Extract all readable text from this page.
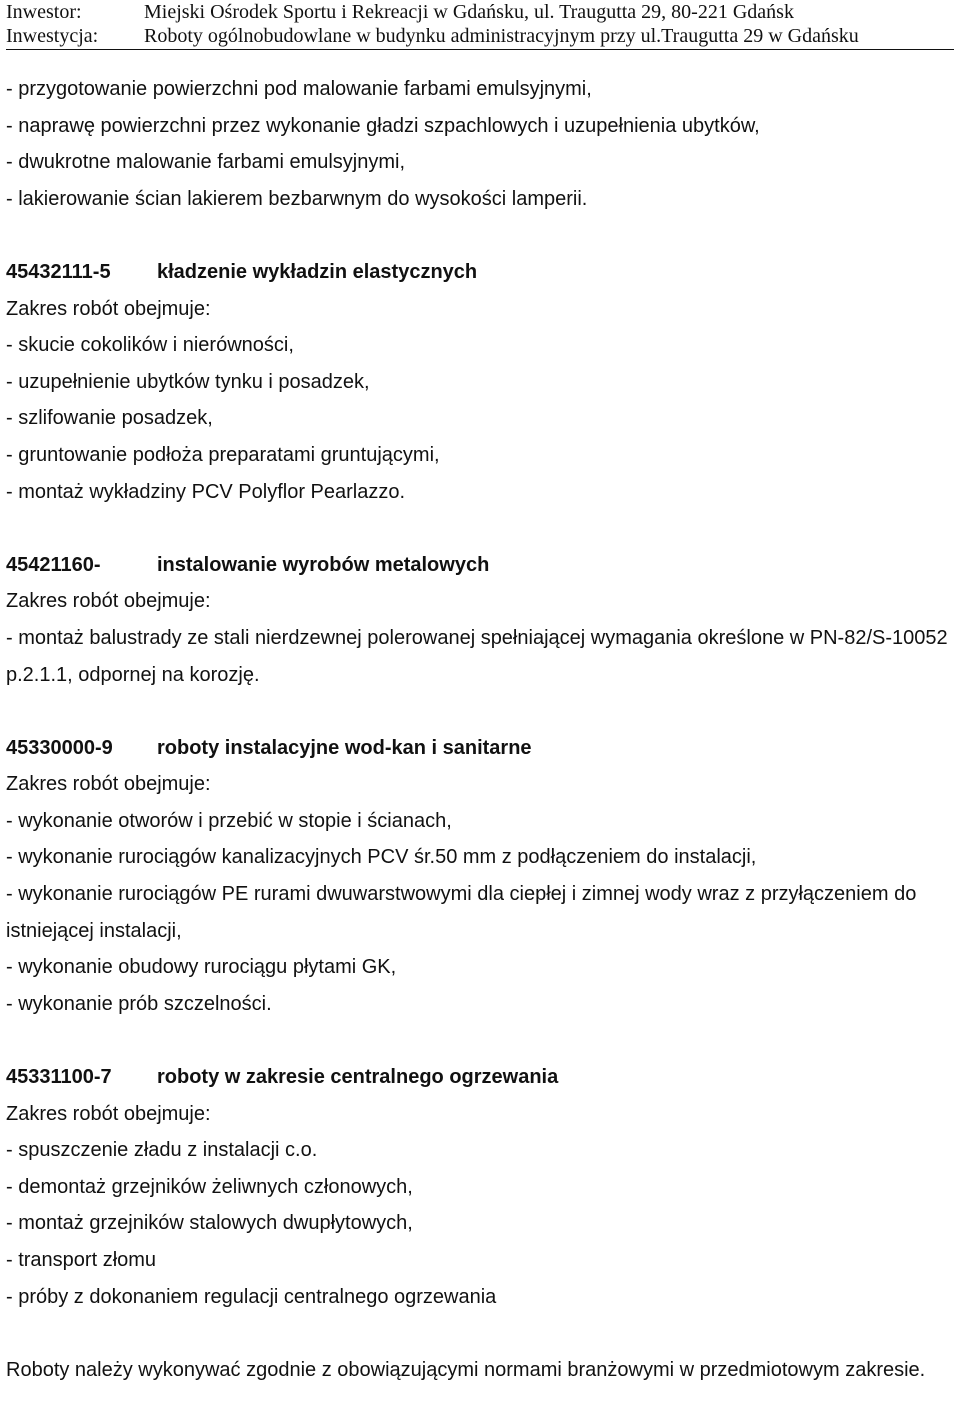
Inwestor:	Miejski Ośrodek Sportu i Rekreacji w Gdańsku, ul. Traugutta 29, 80-221 Gdańsk
Inwestycja:	Roboty ogólnobudowlane w budynku administracyjnym przy ul.Traugutta 29 w Gdańsku
- przygotowanie powierzchni pod malowanie farbami emulsyjnymi,
- naprawę powierzchni przez wykonanie gładzi szpachlowych i uzupełnienia ubytków,
- dwukrotne malowanie farbami emulsyjnymi,
- lakierowanie ścian lakierem bezbarwnym do wysokości lamperii.
45432111-5	kładzenie wykładzin elastycznych
Zakres robót obejmuje:
- skucie cokolików i nierówności,
- uzupełnienie ubytków tynku i posadzek,
- szlifowanie posadzek,
- gruntowanie podłoża preparatami gruntującymi,
- montaż wykładziny PCV Polyflor Pearlazzo.
45421160-	instalowanie wyrobów metalowych
Zakres robót obejmuje:
- montaż balustrady ze stali nierdzewnej polerowanej spełniającej wymagania określone w PN-82/S-10052 p.2.1.1, odpornej na korozję.
45330000-9	roboty instalacyjne wod-kan i sanitarne
Zakres robót obejmuje:
- wykonanie otworów i przebić w stopie i ścianach,
- wykonanie rurociągów kanalizacyjnych PCV śr.50 mm z podłączeniem do instalacji,
- wykonanie rurociągów PE rurami dwuwarstwowymi dla ciepłej i zimnej wody wraz z przyłączeniem do istniejącej instalacji,
- wykonanie obudowy rurociągu płytami GK,
- wykonanie prób szczelności.
45331100-7	roboty w zakresie centralnego ogrzewania
Zakres robót obejmuje:
- spuszczenie zładu z instalacji c.o.
- demontaż grzejników żeliwnych członowych,
- montaż grzejników stalowych dwupłytowych,
- transport złomu
- próby z dokonaniem regulacji centralnego ogrzewania
Roboty należy wykonywać zgodnie z obowiązującymi normami branżowymi w przedmiotowym zakresie.
